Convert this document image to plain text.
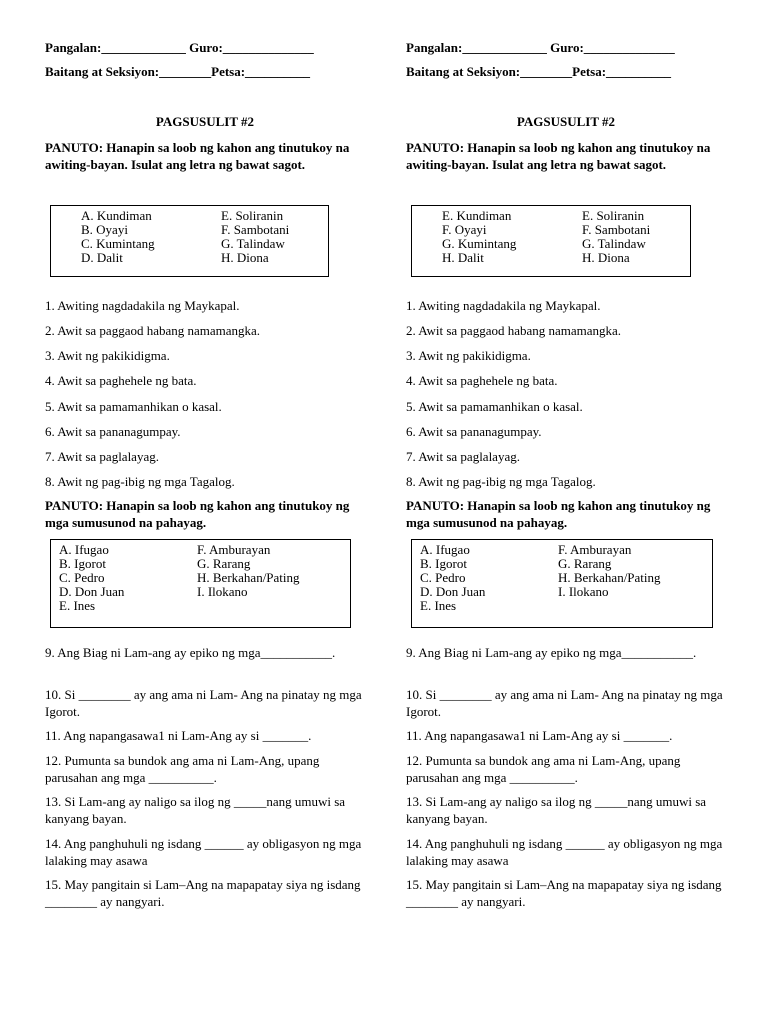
Pangalan:_____________ Guro:______________
Baitang at Seksiyon:________Petsa:__________
PAGSUSULIT #2
PANUTO: Hanapin sa loob ng kahon ang tinutukoy na awiting-bayan. Isulat ang letra ng bawat sagot.
A. Kundiman
B. Oyayi
C. Kumintang
D. Dalit
E. Soliranin
F. Sambotani
G. Talindaw
H. Diona
1. Awiting nagdadakila ng Maykapal.
2. Awit sa paggaod habang namamangka.
3. Awit ng pakikidigma.
4. Awit sa paghehele ng bata.
5. Awit sa pamamanhikan o kasal.
6. Awit sa pananagumpay.
7. Awit sa paglalayag.
8. Awit ng pag-ibig ng mga Tagalog.
PANUTO: Hanapin sa loob ng kahon ang tinutukoy ng mga sumusunod na pahayag.
A. Ifugao
B. Igorot
C. Pedro
D. Don Juan
E. Ines
F. Amburayan
G. Rarang
H. Berkahan/Pating
I. Ilokano
9. Ang Biag ni Lam-ang ay epiko ng mga___________.
10. Si ________ ay ang ama ni Lam- Ang na pinatay ng mga Igorot.
11. Ang napangasawa1 ni Lam-Ang ay si _______.
12. Pumunta sa bundok ang ama ni Lam-Ang, upang parusahan ang mga __________.
13. Si Lam-ang ay naligo sa ilog ng _____nang umuwi sa kanyang bayan.
14. Ang panghuhuli ng isdang ______ ay obligasyon ng mga lalaking may asawa
15. May pangitain si Lam–Ang na mapapatay siya ng isdang ________ ay nangyari.
Pangalan:_____________ Guro:______________
Baitang at Seksiyon:________Petsa:__________
PAGSUSULIT #2
PANUTO: Hanapin sa loob ng kahon ang tinutukoy na awiting-bayan. Isulat ang letra ng bawat sagot.
E. Kundiman
F. Oyayi
G. Kumintang
H. Dalit
E. Soliranin
F. Sambotani
G. Talindaw
H. Diona
1. Awiting nagdadakila ng Maykapal.
2. Awit sa paggaod habang namamangka.
3. Awit ng pakikidigma.
4. Awit sa paghehele ng bata.
5. Awit sa pamamanhikan o kasal.
6. Awit sa pananagumpay.
7. Awit sa paglalayag.
8. Awit ng pag-ibig ng mga Tagalog.
PANUTO: Hanapin sa loob ng kahon ang tinutukoy ng mga sumusunod na pahayag.
A. Ifugao
B. Igorot
C. Pedro
D. Don Juan
E. Ines
F. Amburayan
G. Rarang
H. Berkahan/Pating
I. Ilokano
9. Ang Biag ni Lam-ang ay epiko ng mga___________.
10. Si ________ ay ang ama ni Lam- Ang na pinatay ng mga Igorot.
11. Ang napangasawa1 ni Lam-Ang ay si _______.
12. Pumunta sa bundok ang ama ni Lam-Ang, upang parusahan ang mga __________.
13. Si Lam-ang ay naligo sa ilog ng _____nang umuwi sa kanyang bayan.
14. Ang panghuhuli ng isdang ______ ay obligasyon ng mga lalaking may asawa
15. May pangitain si Lam–Ang na mapapatay siya ng isdang ________ ay nangyari.
